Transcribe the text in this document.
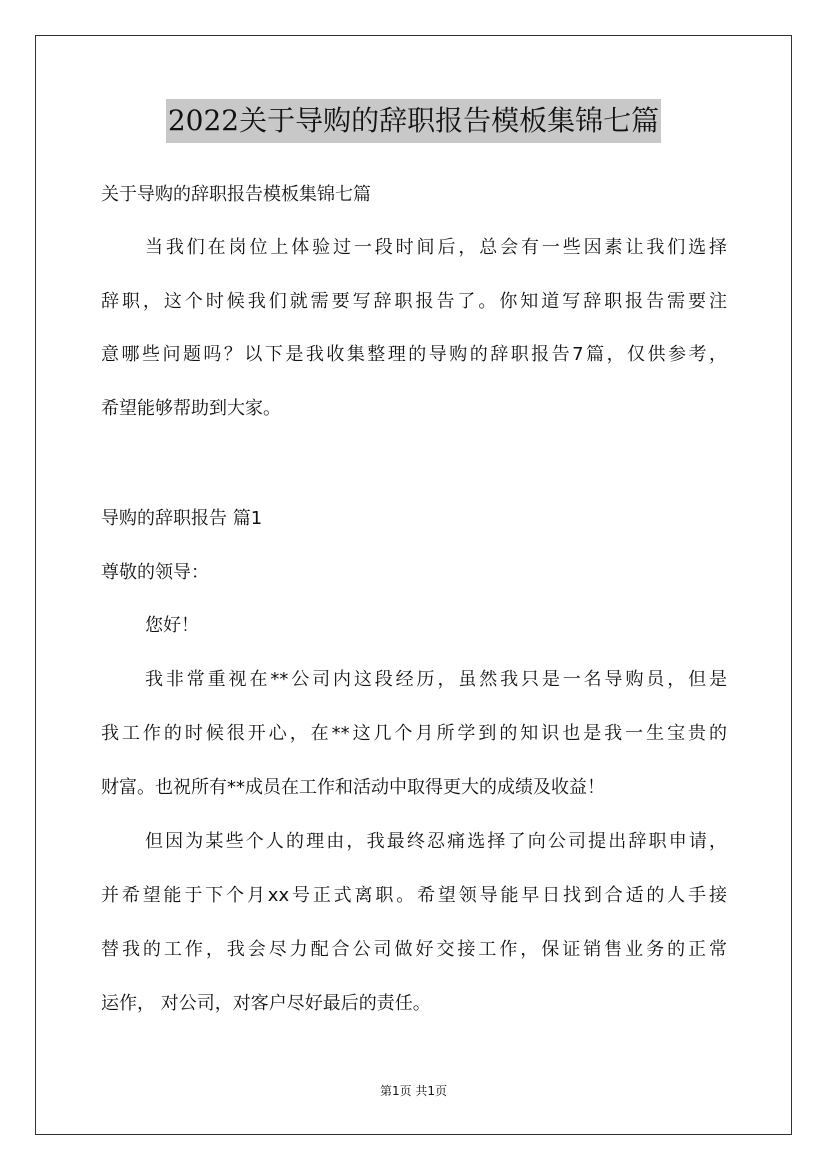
2022关于导购的辞职报告模板集锦七篇
关于导购的辞职报告模板集锦七篇
当我们在岗位上体验过一段时间后，总会有一些因素让我们选择
辞职，这个时候我们就需要写辞职报告了。你知道写辞职报告需要注
意哪些问题吗？以下是我收集整理的导购的辞职报告7篇，仅供参考，
希望能够帮助到大家。
导购的辞职报告 篇1
尊敬的领导：
您好！
我非常重视在**公司内这段经历，虽然我只是一名导购员，但是
我工作的时候很开心，在**这几个月所学到的知识也是我一生宝贵的
财富。也祝所有**成员在工作和活动中取得更大的成绩及收益！
但因为某些个人的理由，我最终忍痛选择了向公司提出辞职申请，
并希望能于下个月xx号正式离职。希望领导能早日找到合适的人手接
替我的工作，我会尽力配合公司做好交接工作，保证销售业务的正常
运作， 对公司，对客户尽好最后的责任。
第1页 共1页
